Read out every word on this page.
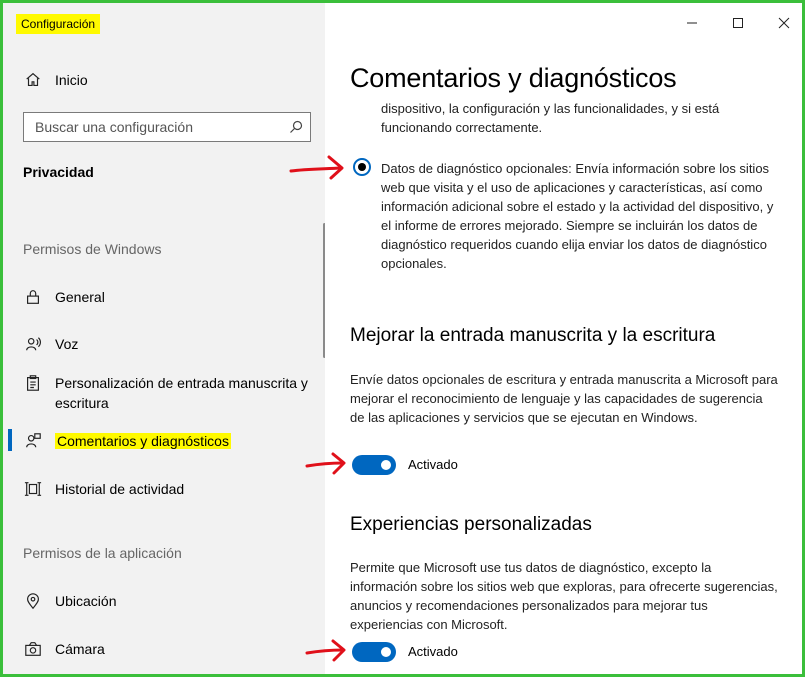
Configuración
Inicio
Buscar una configuración
Privacidad
Permisos de Windows
General
Voz
Personalización de entrada manuscrita y escritura
Comentarios y diagnósticos
Historial de actividad
Permisos de la aplicación
Ubicación
Cámara
Comentarios y diagnósticos
dispositivo, la configuración y las funcionalidades, y si está funcionando correctamente.
Datos de diagnóstico opcionales: Envía información sobre los sitios web que visita y el uso de aplicaciones y características, así como información adicional sobre el estado y la actividad del dispositivo, y el informe de errores mejorado. Siempre se incluirán los datos de diagnóstico requeridos cuando elija enviar los datos de diagnóstico opcionales.
Mejorar la entrada manuscrita y la escritura
Envíe datos opcionales de escritura y entrada manuscrita a Microsoft para mejorar el reconocimiento de lenguaje y las capacidades de sugerencia de las aplicaciones y servicios que se ejecutan en Windows.
Activado
Experiencias personalizadas
Permite que Microsoft use tus datos de diagnóstico, excepto la información sobre los sitios web que exploras, para ofrecerte sugerencias, anuncios y recomendaciones personalizados para mejorar tus experiencias con Microsoft.
Activado
